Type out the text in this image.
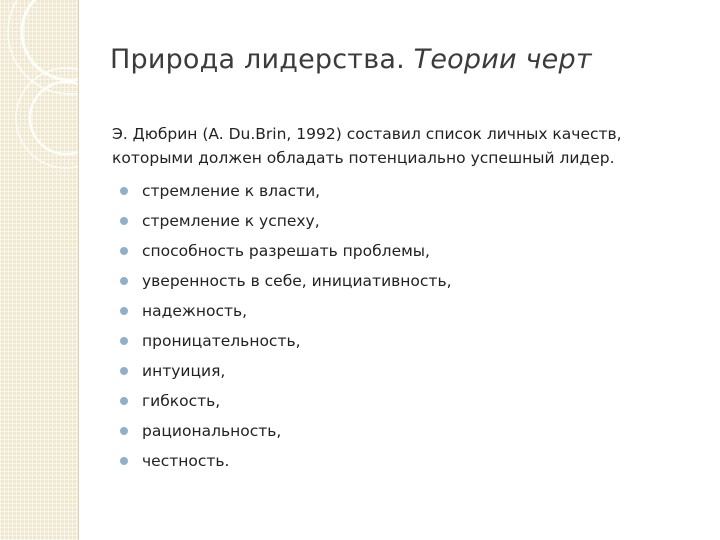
Природа лидерства. Теории черт
Э. Дюбрин (A. Du.Brin, 1992) составил список личных качеств,
которыми должен обладать потенциально успешный лидер.
стремление к власти,
стремление к успеху,
способность разрешать проблемы,
уверенность в себе, инициативность,
надежность,
проницательность,
интуиция,
гибкость,
рациональность,
честность.
